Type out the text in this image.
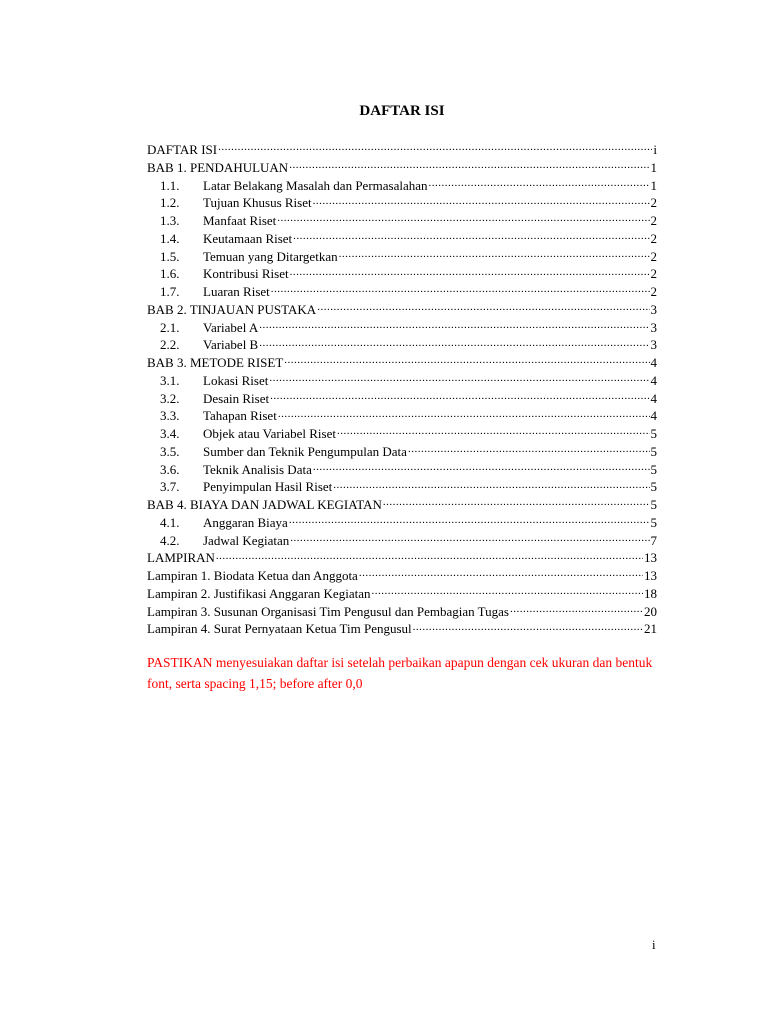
DAFTAR ISI
DAFTAR ISI .....	i
BAB 1. PENDAHULUAN .....	1
1.1.	Latar Belakang Masalah dan Permasalahan .....	1
1.2.	Tujuan Khusus Riset .....	2
1.3.	Manfaat Riset .....	2
1.4.	Keutamaan Riset .....	2
1.5.	Temuan yang Ditargetkan .....	2
1.6.	Kontribusi Riset .....	2
1.7.	Luaran Riset .....	2
BAB 2. TINJAUAN PUSTAKA .....	3
2.1.	Variabel A .....	3
2.2.	Variabel B .....	3
BAB 3. METODE RISET .....	4
3.1.	Lokasi Riset .....	4
3.2.	Desain Riset .....	4
3.3.	Tahapan Riset .....	4
3.4.	Objek atau Variabel Riset .....	5
3.5.	Sumber dan Teknik Pengumpulan Data .....	5
3.6.	Teknik Analisis Data .....	5
3.7.	Penyimpulan Hasil Riset .....	5
BAB 4. BIAYA DAN JADWAL KEGIATAN .....	5
4.1.	Anggaran Biaya .....	5
4.2.	Jadwal Kegiatan .....	7
LAMPIRAN .....	13
Lampiran 1. Biodata Ketua dan Anggota .....	13
Lampiran 2. Justifikasi Anggaran Kegiatan .....	18
Lampiran 3. Susunan Organisasi Tim Pengusul dan Pembagian Tugas .....	20
Lampiran 4. Surat Pernyataan Ketua Tim Pengusul .....	21

PASTIKAN menyesuiakan daftar isi setelah perbaikan apapun dengan cek ukuran dan bentuk font, serta spacing 1,15; before after 0,0

i
